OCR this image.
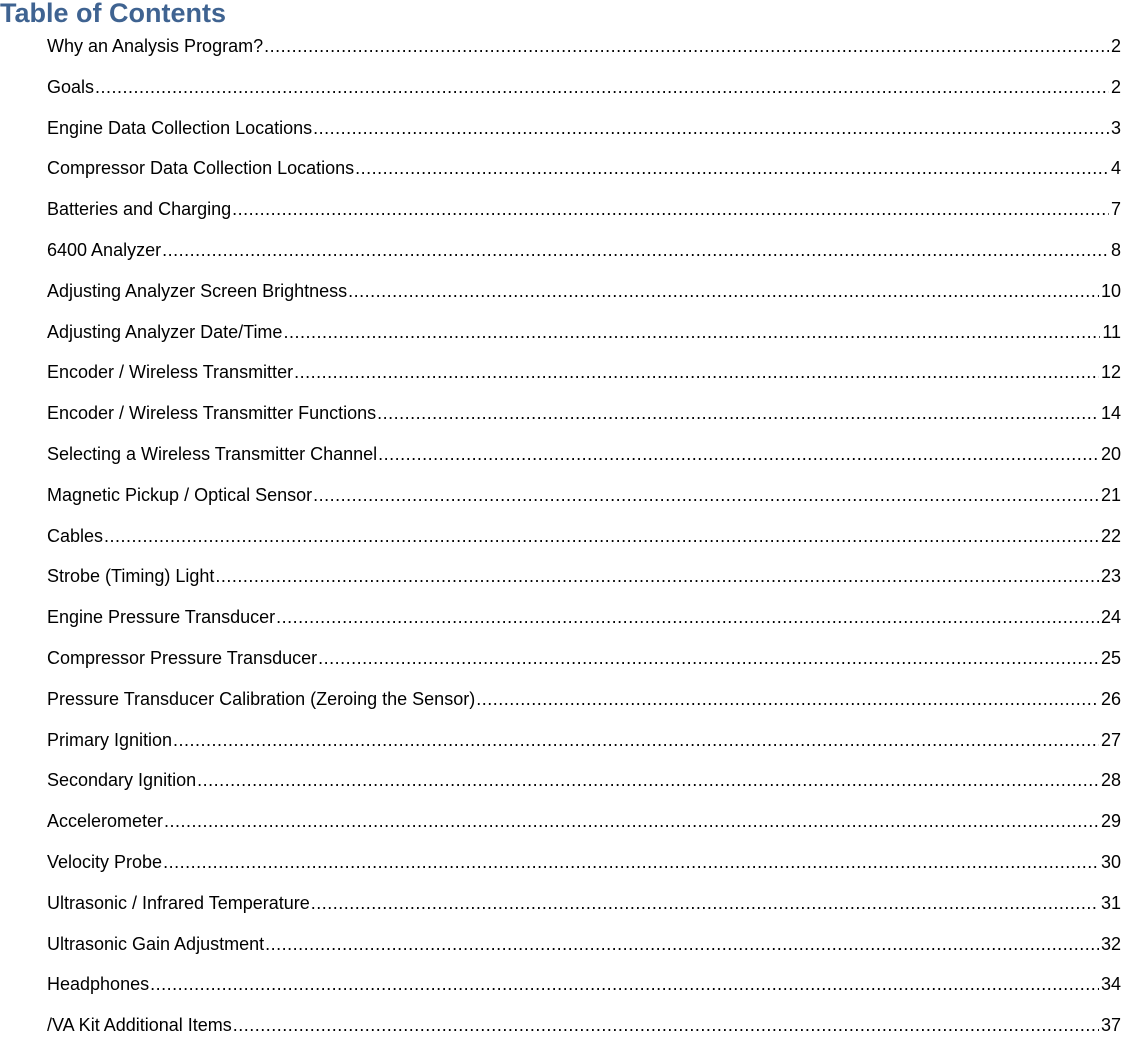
Table of Contents
Why an Analysis Program? .....	2
Goals .....	2
Engine Data Collection Locations .....	3
Compressor Data Collection Locations .....	4
Batteries and Charging .....	7
6400 Analyzer .....	8
Adjusting Analyzer Screen Brightness .....	10
Adjusting Analyzer Date/Time .....	11
Encoder / Wireless Transmitter .....	12
Encoder / Wireless Transmitter Functions .....	14
Selecting a Wireless Transmitter Channel .....	20
Magnetic Pickup / Optical Sensor .....	21
Cables .....	22
Strobe (Timing) Light .....	23
Engine Pressure Transducer .....	24
Compressor Pressure Transducer .....	25
Pressure Transducer Calibration (Zeroing the Sensor) .....	26
Primary Ignition .....	27
Secondary Ignition .....	28
Accelerometer .....	29
Velocity Probe .....	30
Ultrasonic / Infrared Temperature .....	31
Ultrasonic Gain Adjustment .....	32
Headphones .....	34
/VA Kit Additional Items .....	37
